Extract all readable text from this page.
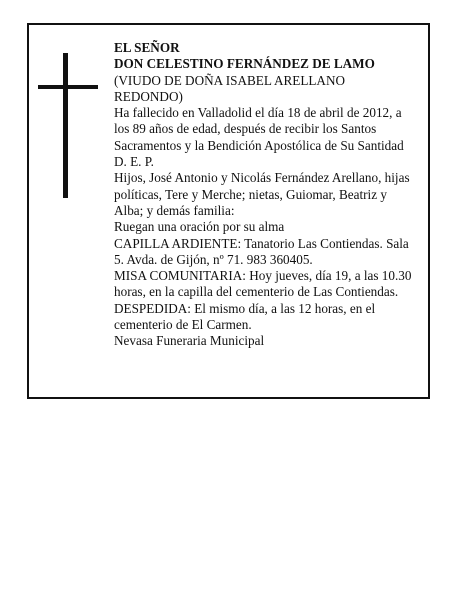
EL SEÑOR

DON CELESTINO FERNÁNDEZ DE LAMO

(VIUDO DE DOÑA ISABEL ARELLANO REDONDO)

Ha fallecido en Valladolid el día 18 de abril de 2012, a los 89 años de edad, después de recibir los Santos Sacramentos y la Bendición Apostólica de Su Santidad D. E. P.

Hijos, José Antonio y Nicolás Fernández Arellano, hijas políticas, Tere y Merche; nietas, Guiomar, Beatriz y Alba; y demás familia:

Ruegan una oración por su alma

CAPILLA ARDIENTE: Tanatorio Las Contiendas. Sala 5. Avda. de Gijón, nº 71. 983 360405.

MISA COMUNITARIA: Hoy jueves, día 19, a las 10.30 horas, en la capilla del cementerio de Las Contiendas.

DESPEDIDA: El mismo día, a las 12 horas, en el cementerio de El Carmen.

Nevasa Funeraria Municipal
